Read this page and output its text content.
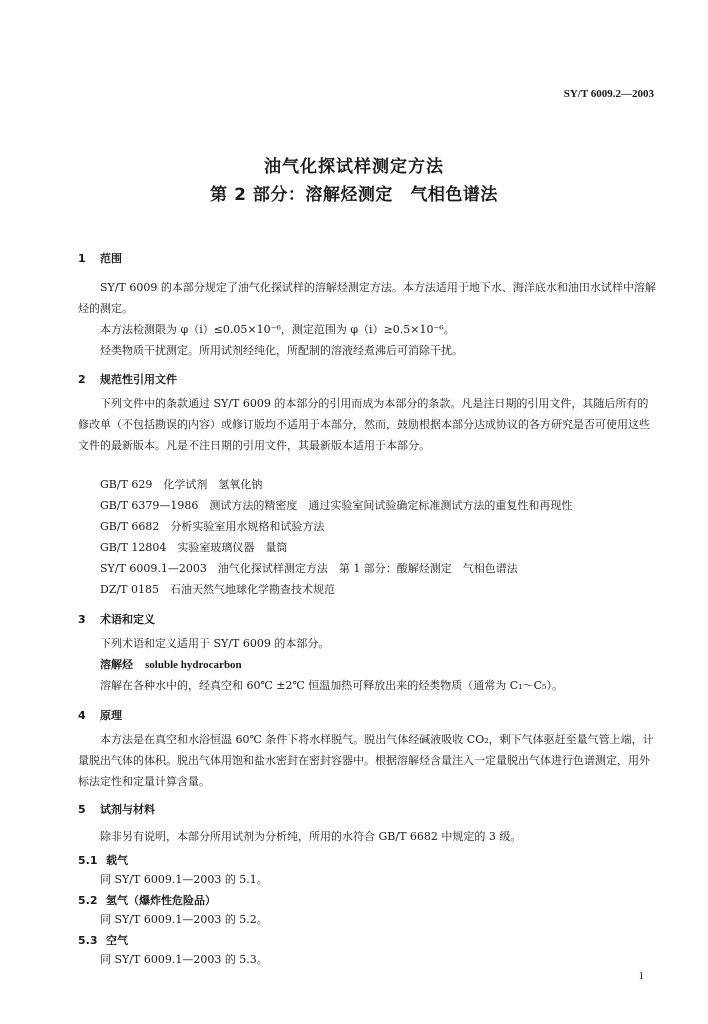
SY/T 6009.2—2003
油气化探试样测定方法
第 2 部分：溶解烃测定　气相色谱法
1 范围
SY/T 6009 的本部分规定了油气化探试样的溶解烃测定方法。本方法适用于地下水、海洋底水和油田水试样中溶解烃的测定。
本方法检测限为 φ（i）≤0.05×10⁻⁶，测定范围为 φ（i）≥0.5×10⁻⁶。
烃类物质干扰测定。所用试剂经纯化，所配制的溶液经煮沸后可消除干扰。
2 规范性引用文件
下列文件中的条款通过 SY/T 6009 的本部分的引用而成为本部分的条款。凡是注日期的引用文件，其随后所有的修改单（不包括勘误的内容）或修订版均不适用于本部分，然而，鼓励根据本部分达成协议的各方研究是否可使用这些文件的最新版本。凡是不注日期的引用文件，其最新版本适用于本部分。
GB/T 629　化学试剂　氢氧化钠
GB/T 6379—1986　测试方法的精密度　通过实验室间试验确定标准测试方法的重复性和再现性
GB/T 6682　分析实验室用水规格和试验方法
GB/T 12804　实验室玻璃仪器　量筒
SY/T 6009.1—2003　油气化探试样测定方法　第 1 部分：酸解烃测定　气相色谱法
DZ/T 0185　石油天然气地球化学勘查技术规范
3 术语和定义
下列术语和定义适用于 SY/T 6009 的本部分。
溶解烃 soluble hydrocarbon
溶解在各种水中的，经真空和 60℃ ±2℃ 恒温加热可释放出来的烃类物质（通常为 C₁～C₅）。
4 原理
本方法是在真空和水浴恒温 60℃ 条件下将水样脱气。脱出气体经碱液吸收 CO₂，剩下气体驱赶至量气管上端，计量脱出气体的体积。脱出气体用饱和盐水密封在密封容器中。根据溶解烃含量注入一定量脱出气体进行色谱测定，用外标法定性和定量计算含量。
5 试剂与材料
除非另有说明，本部分所用试剂为分析纯，所用的水符合 GB/T 6682 中规定的 3 级。
5.1 载气
同 SY/T 6009.1—2003 的 5.1。
5.2 氢气（爆炸性危险品）
同 SY/T 6009.1—2003 的 5.2。
5.3 空气
同 SY/T 6009.1—2003 的 5.3。
1
